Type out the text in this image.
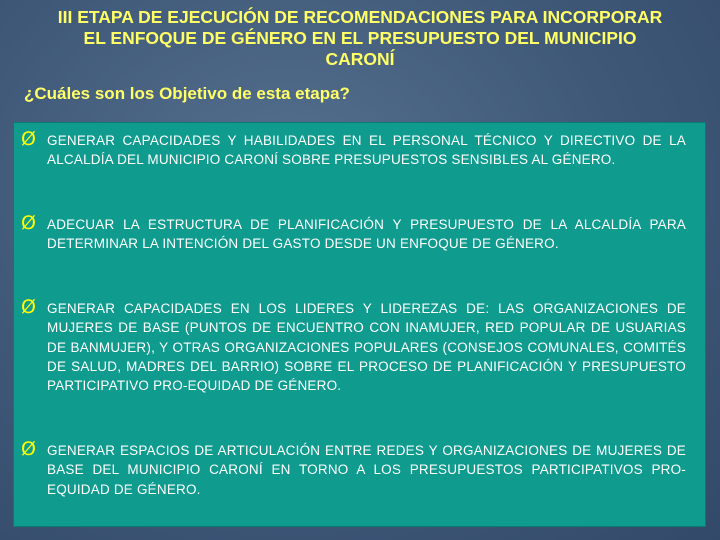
III ETAPA DE EJECUCIÓN DE RECOMENDACIONES PARA INCORPORAR
EL ENFOQUE DE GÉNERO EN EL PRESUPUESTO DEL MUNICIPIO
CARONÍ
¿Cuáles son los Objetivo de esta etapa?
Ø GENERAR CAPACIDADES Y HABILIDADES EN EL PERSONAL TÉCNICO Y DIRECTIVO DE LA ALCALDÍA DEL MUNICIPIO CARONÍ SOBRE PRESUPUESTOS SENSIBLES AL GÉNERO.
Ø ADECUAR LA ESTRUCTURA DE PLANIFICACIÓN Y PRESUPUESTO DE LA ALCALDÍA PARA DETERMINAR LA INTENCIÓN DEL GASTO DESDE UN ENFOQUE DE GÉNERO.
Ø GENERAR CAPACIDADES EN LOS LIDERES Y LIDEREZAS DE: LAS ORGANIZACIONES DE MUJERES DE BASE (PUNTOS DE ENCUENTRO CON INAMUJER, RED POPULAR DE USUARIAS DE BANMUJER), Y OTRAS ORGANIZACIONES POPULARES (CONSEJOS COMUNALES, COMITÉS DE SALUD, MADRES DEL BARRIO) SOBRE EL PROCESO DE PLANIFICACIÓN Y PRESUPUESTO PARTICIPATIVO PRO-EQUIDAD DE GÉNERO.
Ø GENERAR ESPACIOS DE ARTICULACIÓN ENTRE REDES Y ORGANIZACIONES DE MUJERES DE BASE DEL MUNICIPIO CARONÍ EN TORNO A LOS PRESUPUESTOS PARTICIPATIVOS PRO-EQUIDAD DE GÉNERO.
